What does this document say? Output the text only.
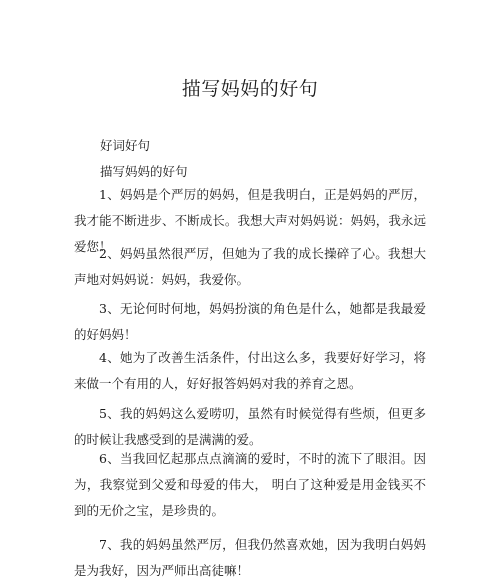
描写妈妈的好句

好词好句

描写妈妈的好句

1、妈妈是个严厉的妈妈，但是我明白，正是妈妈的严厉，我才能不断进步、不断成长。我想大声对妈妈说：妈妈，我永远爱您！

2、妈妈虽然很严厉，但她为了我的成长操碎了心。我想大声地对妈妈说：妈妈，我爱你。

3、无论何时何地，妈妈扮演的角色是什么，她都是我最爱的好妈妈！

4、她为了改善生活条件，付出这么多，我要好好学习，将来做一个有用的人，好好报答妈妈对我的养育之恩。

5、我的妈妈这么爱唠叨，虽然有时候觉得有些烦，但更多的时候让我感受到的是满满的爱。

6、当我回忆起那点点滴滴的爱时，不时的流下了眼泪。因为，我察觉到父爱和母爱的伟大， 明白了这种爱是用金钱买不到的无价之宝，是珍贵的。

7、我的妈妈虽然严厉，但我仍然喜欢她，因为我明白妈妈是为我好，因为严师出高徒嘛！
